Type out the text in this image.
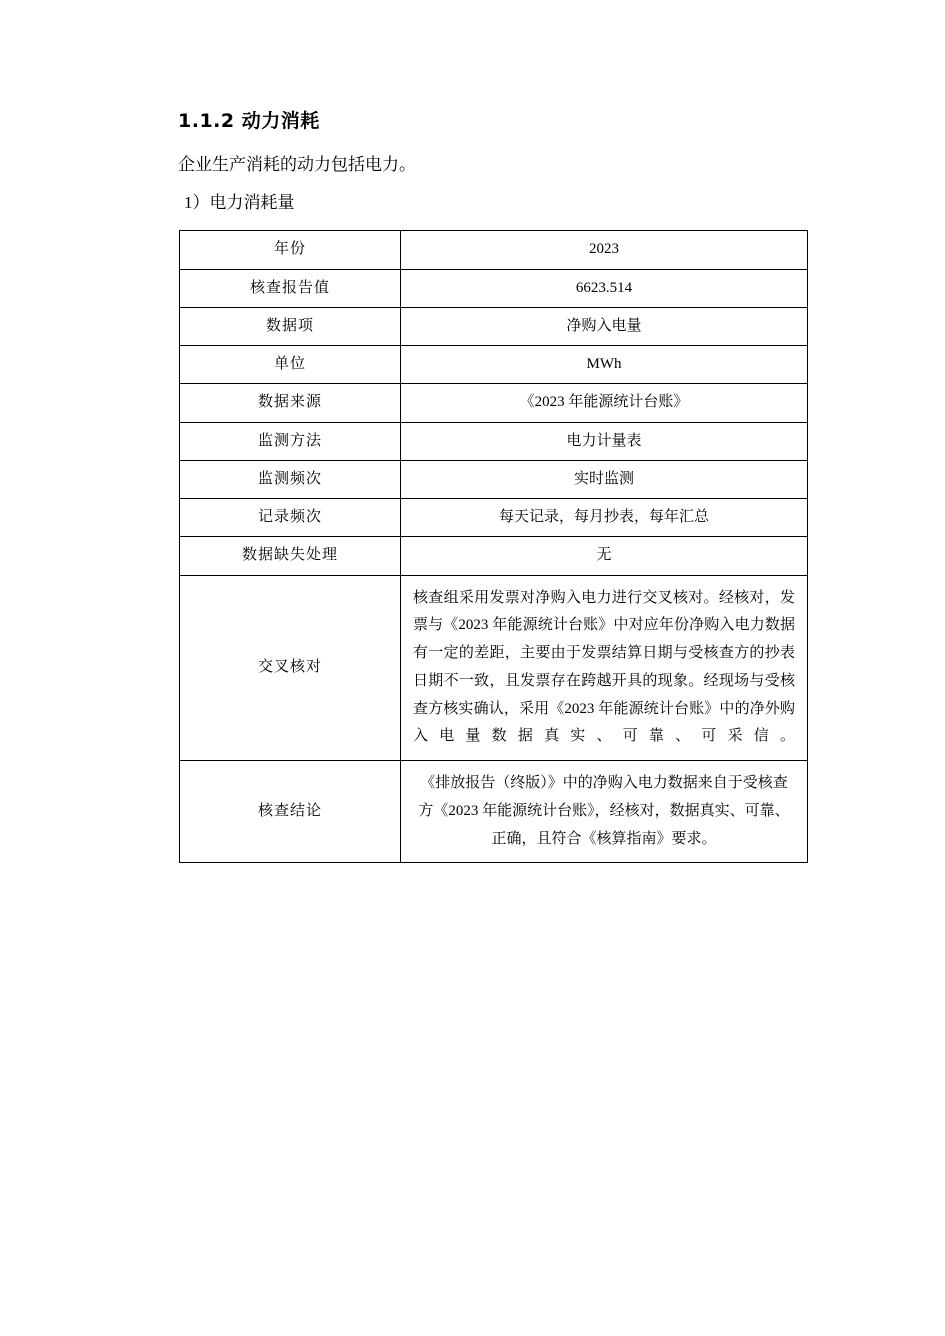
1.1.2 动力消耗

企业生产消耗的动力包括电力。

1）电力消耗量

年份	2023
核查报告值	6623.514
数据项	净购入电量
单位	MWh
数据来源	《2023 年能源统计台账》
监测方法	电力计量表
监测频次	实时监测
记录频次	每天记录，每月抄表，每年汇总
数据缺失处理	无
交叉核对	核查组采用发票对净购入电力进行交叉核对。经核对，发票与《2023 年能源统计台账》中对应年份净购入电力数据有一定的差距，主要由于发票结算日期与受核查方的抄表日期不一致，且发票存在跨越开具的现象。经现场与受核查方核实确认，采用《2023 年能源统计台账》中的净外购入电量数据真实、可靠、可采信。
核查结论	《排放报告（终版）》中的净购入电力数据来自于受核查方《2023 年能源统计台账》，经核对，数据真实、可靠、正确，且符合《核算指南》要求。
